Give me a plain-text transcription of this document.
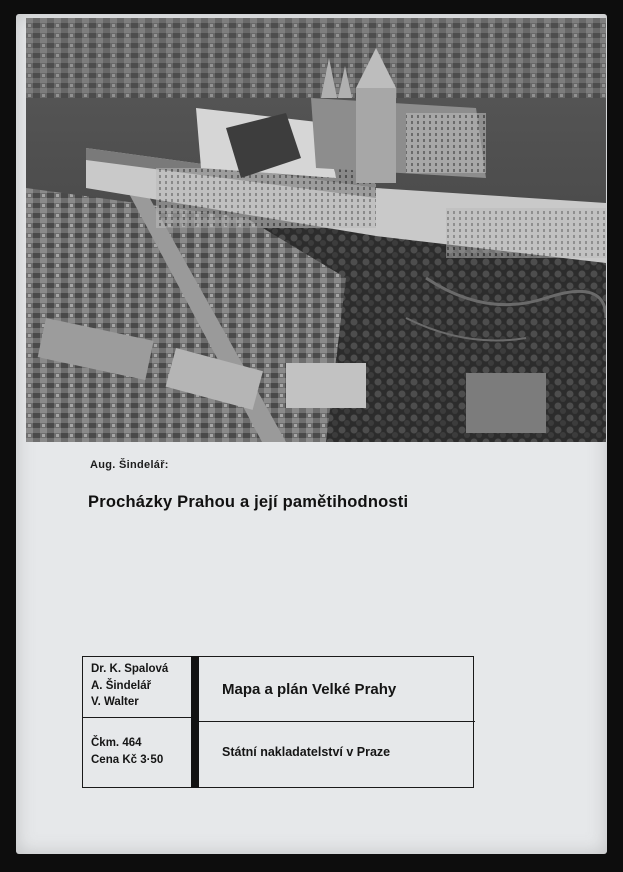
Aug. Šindelář:
Procházky Prahou a její pamětihodnosti
Dr. K. Spalová
A. Šindelář
V. Walter
Čkm. 464
Cena Kč 3·50
Mapa a plán Velké Prahy
Státní nakladatelství v Praze
